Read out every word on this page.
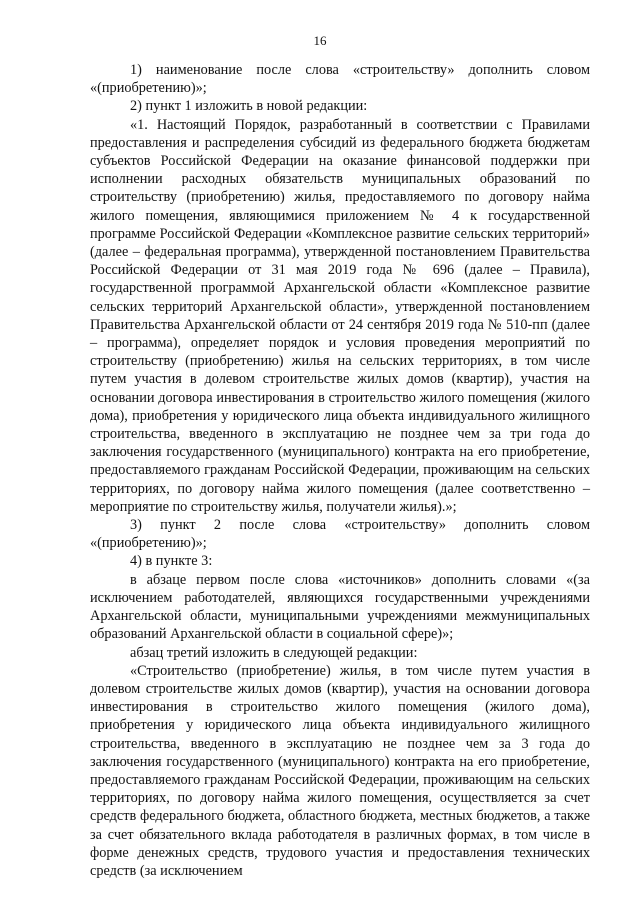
16

1) наименование после слова «строительству» дополнить словом «(приобретению)»;

2) пункт 1 изложить в новой редакции:

«1. Настоящий Порядок, разработанный в соответствии с Правилами предоставления и распределения субсидий из федерального бюджета бюджетам субъектов Российской Федерации на оказание финансовой поддержки при исполнении расходных обязательств муниципальных образований по строительству (приобретению) жилья, предоставляемого по договору найма жилого помещения, являющимися приложением № 4 к государственной программе Российской Федерации «Комплексное развитие сельских территорий» (далее – федеральная программа), утвержденной постановлением Правительства Российской Федерации от 31 мая 2019 года № 696 (далее – Правила), государственной программой Архангельской области «Комплексное развитие сельских территорий Архангельской области», утвержденной постановлением Правительства Архангельской области от 24 сентября 2019 года № 510-пп (далее – программа), определяет порядок и условия проведения мероприятий по строительству (приобретению) жилья на сельских территориях, в том числе путем участия в долевом строительстве жилых домов (квартир), участия на основании договора инвестирования в строительство жилого помещения (жилого дома), приобретения у юридического лица объекта индивидуального жилищного строительства, введенного в эксплуатацию не позднее чем за три года до заключения государственного (муниципального) контракта на его приобретение, предоставляемого гражданам Российской Федерации, проживающим на сельских территориях, по договору найма жилого помещения (далее соответственно – мероприятие по строительству жилья, получатели жилья).»;

3) пункт 2 после слова «строительству» дополнить словом «(приобретению)»;

4) в пункте 3:

в абзаце первом после слова «источников» дополнить словами «(за исключением работодателей, являющихся государственными учреждениями Архангельской области, муниципальными учреждениями межмуниципальных образований Архангельской области в социальной сфере)»;

абзац третий изложить в следующей редакции:

«Строительство (приобретение) жилья, в том числе путем участия в долевом строительстве жилых домов (квартир), участия на основании договора инвестирования в строительство жилого помещения (жилого дома), приобретения у юридического лица объекта индивидуального жилищного строительства, введенного в эксплуатацию не позднее чем за 3 года до заключения государственного (муниципального) контракта на его приобретение, предоставляемого гражданам Российской Федерации, проживающим на сельских территориях, по договору найма жилого помещения, осуществляется за счет средств федерального бюджета, областного бюджета, местных бюджетов, а также за счет обязательного вклада работодателя в различных формах, в том числе в форме денежных средств, трудового участия и предоставления технических средств (за исключением
